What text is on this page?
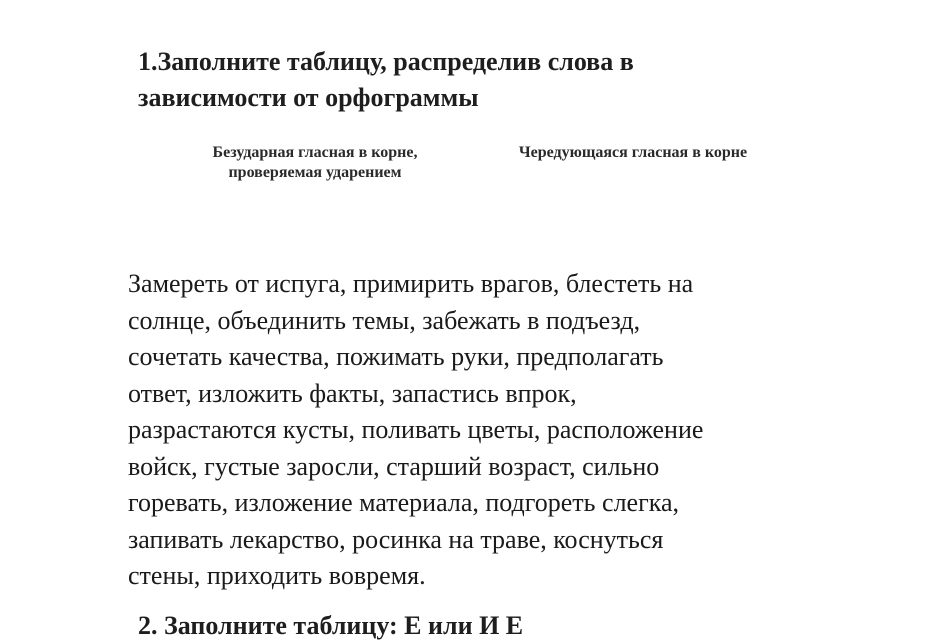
1.Заполните таблицу, распределив слова в
зависимости от орфограммы

Безударная гласная в корне,
проверяемая ударением

Чередующаяся гласная в корне

Замереть от испуга, примирить врагов, блестеть на
солнце, объединить темы, забежать в подъезд,
сочетать качества, пожимать руки, предполагать
ответ, изложить факты, запастись впрок,
разрастаются кусты, поливать цветы, расположение
войск, густые заросли, старший возраст, сильно
горевать, изложение материала, подгореть слегка,
запивать лекарство, росинка на траве, коснуться
стены, приходить вовремя.

2. Заполните таблицу: Е или И Е
